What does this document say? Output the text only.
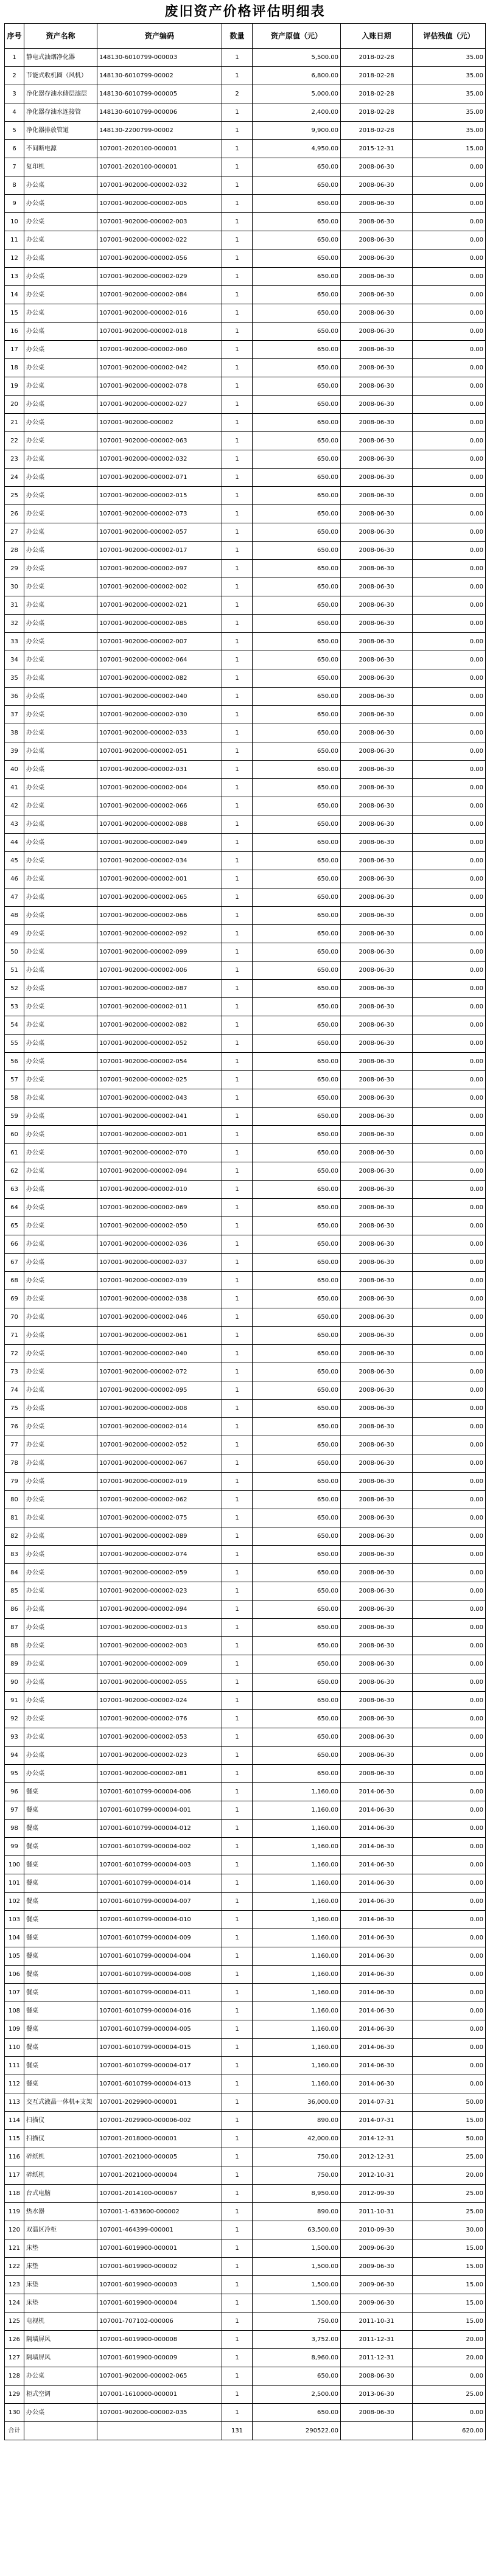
废旧资产价格评估明细表
序号	资产名称	资产编码	数量	资产原值（元）	入账日期	评估残值（元）
1	静电式油烟净化器	148130-6010799-000003	1	5,500.00	2018-02-28	35.00
2	节能式收机圈（风机）	148130-6010799-00002	1	6,800.00	2018-02-28	35.00
3	净化器存油水储层滤层	148130-6010799-000005	2	5,000.00	2018-02-28	35.00
4	净化器存油水连接管	148130-6010799-000006	1	2,400.00	2018-02-28	35.00
5	净化器排放管道	148130-2200799-00002	1	9,900.00	2018-02-28	35.00
6	不间断电源	107001-2020100-000001	1	4,950.00	2015-12-31	15.00
7	复印机	107001-2020100-000001	1	650.00	2008-06-30	0.00
8	办公桌	107001-902000-000002-032	1	650.00	2008-06-30	0.00
9	办公桌	107001-902000-000002-005	1	650.00	2008-06-30	0.00
10	办公桌	107001-902000-000002-003	1	650.00	2008-06-30	0.00
11	办公桌	107001-902000-000002-022	1	650.00	2008-06-30	0.00
12	办公桌	107001-902000-000002-056	1	650.00	2008-06-30	0.00
13	办公桌	107001-902000-000002-029	1	650.00	2008-06-30	0.00
14	办公桌	107001-902000-000002-084	1	650.00	2008-06-30	0.00
15	办公桌	107001-902000-000002-016	1	650.00	2008-06-30	0.00
16	办公桌	107001-902000-000002-018	1	650.00	2008-06-30	0.00
17	办公桌	107001-902000-000002-060	1	650.00	2008-06-30	0.00
18	办公桌	107001-902000-000002-042	1	650.00	2008-06-30	0.00
19	办公桌	107001-902000-000002-078	1	650.00	2008-06-30	0.00
20	办公桌	107001-902000-000002-027	1	650.00	2008-06-30	0.00
21	办公桌	107001-902000-000002	1	650.00	2008-06-30	0.00
22	办公桌	107001-902000-000002-063	1	650.00	2008-06-30	0.00
23	办公桌	107001-902000-000002-032	1	650.00	2008-06-30	0.00
24	办公桌	107001-902000-000002-071	1	650.00	2008-06-30	0.00
25	办公桌	107001-902000-000002-015	1	650.00	2008-06-30	0.00
26	办公桌	107001-902000-000002-073	1	650.00	2008-06-30	0.00
27	办公桌	107001-902000-000002-057	1	650.00	2008-06-30	0.00
28	办公桌	107001-902000-000002-017	1	650.00	2008-06-30	0.00
29	办公桌	107001-902000-000002-097	1	650.00	2008-06-30	0.00
30	办公桌	107001-902000-000002-002	1	650.00	2008-06-30	0.00
31	办公桌	107001-902000-000002-021	1	650.00	2008-06-30	0.00
32	办公桌	107001-902000-000002-085	1	650.00	2008-06-30	0.00
33	办公桌	107001-902000-000002-007	1	650.00	2008-06-30	0.00
34	办公桌	107001-902000-000002-064	1	650.00	2008-06-30	0.00
35	办公桌	107001-902000-000002-082	1	650.00	2008-06-30	0.00
36	办公桌	107001-902000-000002-040	1	650.00	2008-06-30	0.00
37	办公桌	107001-902000-000002-030	1	650.00	2008-06-30	0.00
38	办公桌	107001-902000-000002-033	1	650.00	2008-06-30	0.00
39	办公桌	107001-902000-000002-051	1	650.00	2008-06-30	0.00
40	办公桌	107001-902000-000002-031	1	650.00	2008-06-30	0.00
41	办公桌	107001-902000-000002-004	1	650.00	2008-06-30	0.00
42	办公桌	107001-902000-000002-066	1	650.00	2008-06-30	0.00
43	办公桌	107001-902000-000002-088	1	650.00	2008-06-30	0.00
44	办公桌	107001-902000-000002-049	1	650.00	2008-06-30	0.00
45	办公桌	107001-902000-000002-034	1	650.00	2008-06-30	0.00
46	办公桌	107001-902000-000002-001	1	650.00	2008-06-30	0.00
47	办公桌	107001-902000-000002-065	1	650.00	2008-06-30	0.00
48	办公桌	107001-902000-000002-066	1	650.00	2008-06-30	0.00
49	办公桌	107001-902000-000002-092	1	650.00	2008-06-30	0.00
50	办公桌	107001-902000-000002-099	1	650.00	2008-06-30	0.00
51	办公桌	107001-902000-000002-006	1	650.00	2008-06-30	0.00
52	办公桌	107001-902000-000002-087	1	650.00	2008-06-30	0.00
53	办公桌	107001-902000-000002-011	1	650.00	2008-06-30	0.00
54	办公桌	107001-902000-000002-082	1	650.00	2008-06-30	0.00
55	办公桌	107001-902000-000002-052	1	650.00	2008-06-30	0.00
56	办公桌	107001-902000-000002-054	1	650.00	2008-06-30	0.00
57	办公桌	107001-902000-000002-025	1	650.00	2008-06-30	0.00
58	办公桌	107001-902000-000002-043	1	650.00	2008-06-30	0.00
59	办公桌	107001-902000-000002-041	1	650.00	2008-06-30	0.00
60	办公桌	107001-902000-000002-001	1	650.00	2008-06-30	0.00
61	办公桌	107001-902000-000002-070	1	650.00	2008-06-30	0.00
62	办公桌	107001-902000-000002-094	1	650.00	2008-06-30	0.00
63	办公桌	107001-902000-000002-010	1	650.00	2008-06-30	0.00
64	办公桌	107001-902000-000002-069	1	650.00	2008-06-30	0.00
65	办公桌	107001-902000-000002-050	1	650.00	2008-06-30	0.00
66	办公桌	107001-902000-000002-036	1	650.00	2008-06-30	0.00
67	办公桌	107001-902000-000002-037	1	650.00	2008-06-30	0.00
68	办公桌	107001-902000-000002-039	1	650.00	2008-06-30	0.00
69	办公桌	107001-902000-000002-038	1	650.00	2008-06-30	0.00
70	办公桌	107001-902000-000002-046	1	650.00	2008-06-30	0.00
71	办公桌	107001-902000-000002-061	1	650.00	2008-06-30	0.00
72	办公桌	107001-902000-000002-040	1	650.00	2008-06-30	0.00
73	办公桌	107001-902000-000002-072	1	650.00	2008-06-30	0.00
74	办公桌	107001-902000-000002-095	1	650.00	2008-06-30	0.00
75	办公桌	107001-902000-000002-008	1	650.00	2008-06-30	0.00
76	办公桌	107001-902000-000002-014	1	650.00	2008-06-30	0.00
77	办公桌	107001-902000-000002-052	1	650.00	2008-06-30	0.00
78	办公桌	107001-902000-000002-067	1	650.00	2008-06-30	0.00
79	办公桌	107001-902000-000002-019	1	650.00	2008-06-30	0.00
80	办公桌	107001-902000-000002-062	1	650.00	2008-06-30	0.00
81	办公桌	107001-902000-000002-075	1	650.00	2008-06-30	0.00
82	办公桌	107001-902000-000002-089	1	650.00	2008-06-30	0.00
83	办公桌	107001-902000-000002-074	1	650.00	2008-06-30	0.00
84	办公桌	107001-902000-000002-059	1	650.00	2008-06-30	0.00
85	办公桌	107001-902000-000002-023	1	650.00	2008-06-30	0.00
86	办公桌	107001-902000-000002-094	1	650.00	2008-06-30	0.00
87	办公桌	107001-902000-000002-013	1	650.00	2008-06-30	0.00
88	办公桌	107001-902000-000002-003	1	650.00	2008-06-30	0.00
89	办公桌	107001-902000-000002-009	1	650.00	2008-06-30	0.00
90	办公桌	107001-902000-000002-055	1	650.00	2008-06-30	0.00
91	办公桌	107001-902000-000002-024	1	650.00	2008-06-30	0.00
92	办公桌	107001-902000-000002-076	1	650.00	2008-06-30	0.00
93	办公桌	107001-902000-000002-053	1	650.00	2008-06-30	0.00
94	办公桌	107001-902000-000002-023	1	650.00	2008-06-30	0.00
95	办公桌	107001-902000-000002-081	1	650.00	2008-06-30	0.00
96	餐桌	107001-6010799-000004-006	1	1,160.00	2014-06-30	0.00
97	餐桌	107001-6010799-000004-001	1	1,160.00	2014-06-30	0.00
98	餐桌	107001-6010799-000004-012	1	1,160.00	2014-06-30	0.00
99	餐桌	107001-6010799-000004-002	1	1,160.00	2014-06-30	0.00
100	餐桌	107001-6010799-000004-003	1	1,160.00	2014-06-30	0.00
101	餐桌	107001-6010799-000004-014	1	1,160.00	2014-06-30	0.00
102	餐桌	107001-6010799-000004-007	1	1,160.00	2014-06-30	0.00
103	餐桌	107001-6010799-000004-010	1	1,160.00	2014-06-30	0.00
104	餐桌	107001-6010799-000004-009	1	1,160.00	2014-06-30	0.00
105	餐桌	107001-6010799-000004-004	1	1,160.00	2014-06-30	0.00
106	餐桌	107001-6010799-000004-008	1	1,160.00	2014-06-30	0.00
107	餐桌	107001-6010799-000004-011	1	1,160.00	2014-06-30	0.00
108	餐桌	107001-6010799-000004-016	1	1,160.00	2014-06-30	0.00
109	餐桌	107001-6010799-000004-005	1	1,160.00	2014-06-30	0.00
110	餐桌	107001-6010799-000004-015	1	1,160.00	2014-06-30	0.00
111	餐桌	107001-6010799-000004-017	1	1,160.00	2014-06-30	0.00
112	餐桌	107001-6010799-000004-013	1	1,160.00	2014-06-30	0.00
113	交互式液晶一体机+支架	107001-2029900-000001	1	36,000.00	2014-07-31	50.00
114	扫描仪	107001-2029900-000006-002	1	890.00	2014-07-31	15.00
115	扫描仪	107001-2018000-000001	1	42,000.00	2014-12-31	50.00
116	碎纸机	107001-2021000-000005	1	750.00	2012-12-31	25.00
117	碎纸机	107001-2021000-000004	1	750.00	2012-10-31	20.00
118	台式电脑	107001-2014100-000067	1	8,950.00	2012-09-30	25.00
119	热水器	107001-1-633600-000002	1	890.00	2011-10-31	25.00
120	双温区冷柜	107001-464399-000001	1	63,500.00	2010-09-30	30.00
121	床垫	107001-6019900-000001	1	1,500.00	2009-06-30	15.00
122	床垫	107001-6019900-000002	1	1,500.00	2009-06-30	15.00
123	床垫	107001-6019900-000003	1	1,500.00	2009-06-30	15.00
124	床垫	107001-6019900-000004	1	1,500.00	2009-06-30	15.00
125	电视机	107001-707102-000006	1	750.00	2011-10-31	15.00
126	隔墙屏风	107001-6019900-000008	1	3,752.00	2011-12-31	20.00
127	隔墙屏风	107001-6019900-000009	1	8,960.00	2011-12-31	20.00
128	办公桌	107001-902000-000002-065	1	650.00	2008-06-30	0.00
129	柜式空调	107001-1610000-000001	1	2,500.00	2013-06-30	25.00
130	办公桌	107001-902000-000002-035	1	650.00	2008-06-30	0.00
合计			131	290522.00		620.00
